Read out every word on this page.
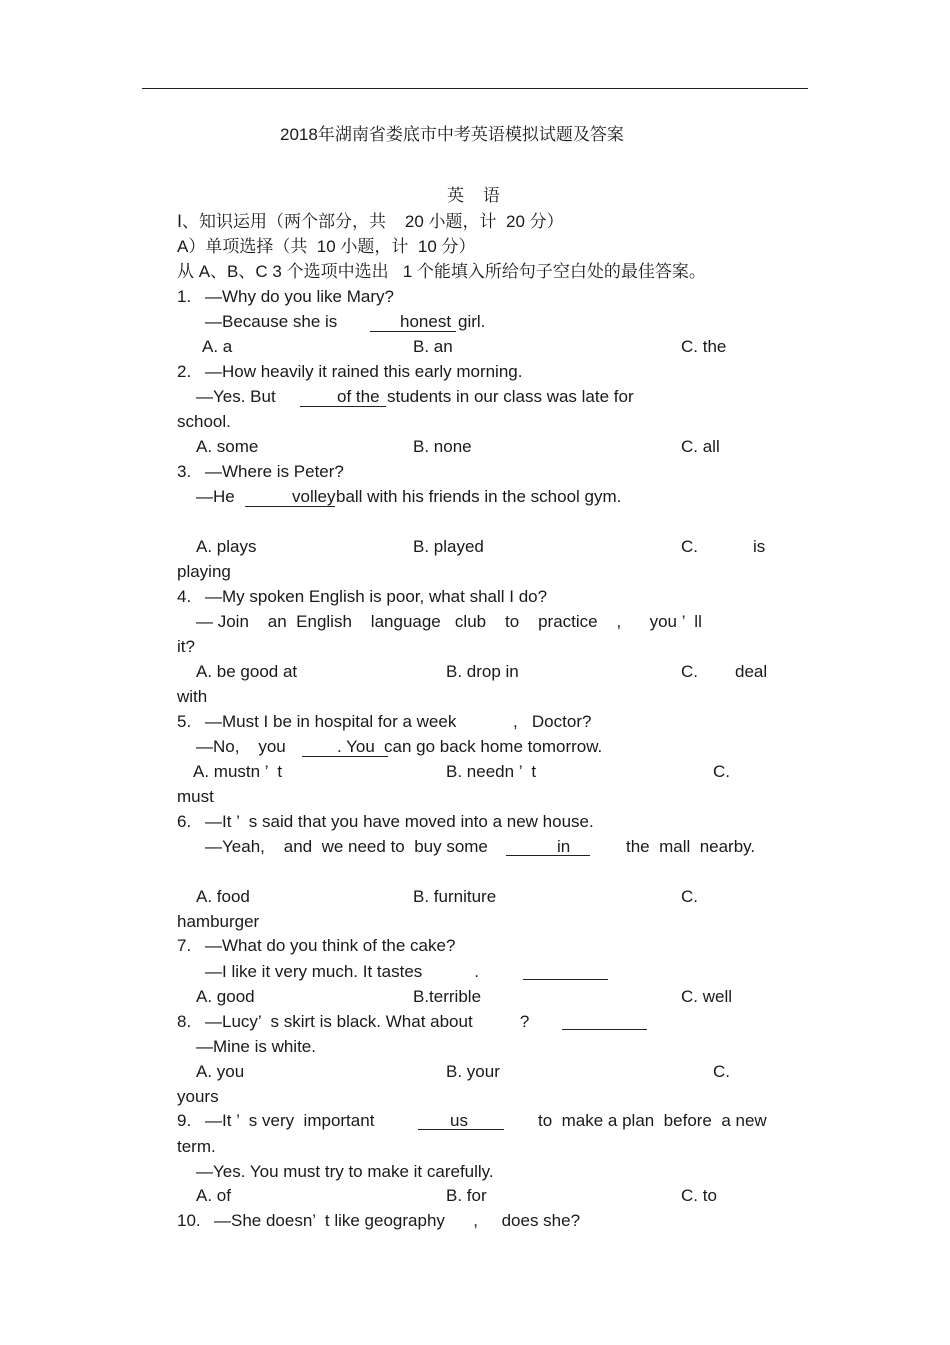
2018年湖南省娄底市中考英语模拟试题及答案
英    语
Ⅰ、知识运用（两个部分，共    20 小题，计  20 分）
A）单项选择（共  10 小题，计  10 分）
从 A、B、C 3 个选项中选出   1 个能填入所给句子空白处的最佳答案。
1. —Why do you like Mary?
—Because she is	honest girl.
A. a	B. an	C. the
2. —How heavily it rained this early morning.
—Yes. But	of the students in our class was late for
school.
A. some	B. none	C. all
3. —Where is Peter?
—He	volley ball with his friends in the school gym.
A. plays	B. played	C.	is
playing
4. —My spoken English is poor, what shall I do?
— Join    an  English    language   club    to    practice    ,      you ’  ll
it?
A. be good at	B. drop in	C. deal
with
5. —Must I be in hospital for a week            ,   Doctor?
—No,    you	. You can go back home tomorrow.
A. mustn ’  t	B. needn ’  t	C.
must
6. —It ’  s said that you have moved into a new house.
—Yeah,    and  we need to  buy some	in	the  mall  nearby.
A. food	B. furniture	C.
hamburger
7. —What do you think of the cake?
—I like it very much. It tastes           .
A. good	B.terrible	C. well
8. —Lucy’  s skirt is black. What about          ?
—Mine is white.
A. you	B. your	C.
yours
9. —It ’  s very  important	us	to  make a plan  before  a new
term.
—Yes. You must try to make it carefully.
A. of	B. for	C. to
10. —She doesn’  t like geography      ,     does she?
